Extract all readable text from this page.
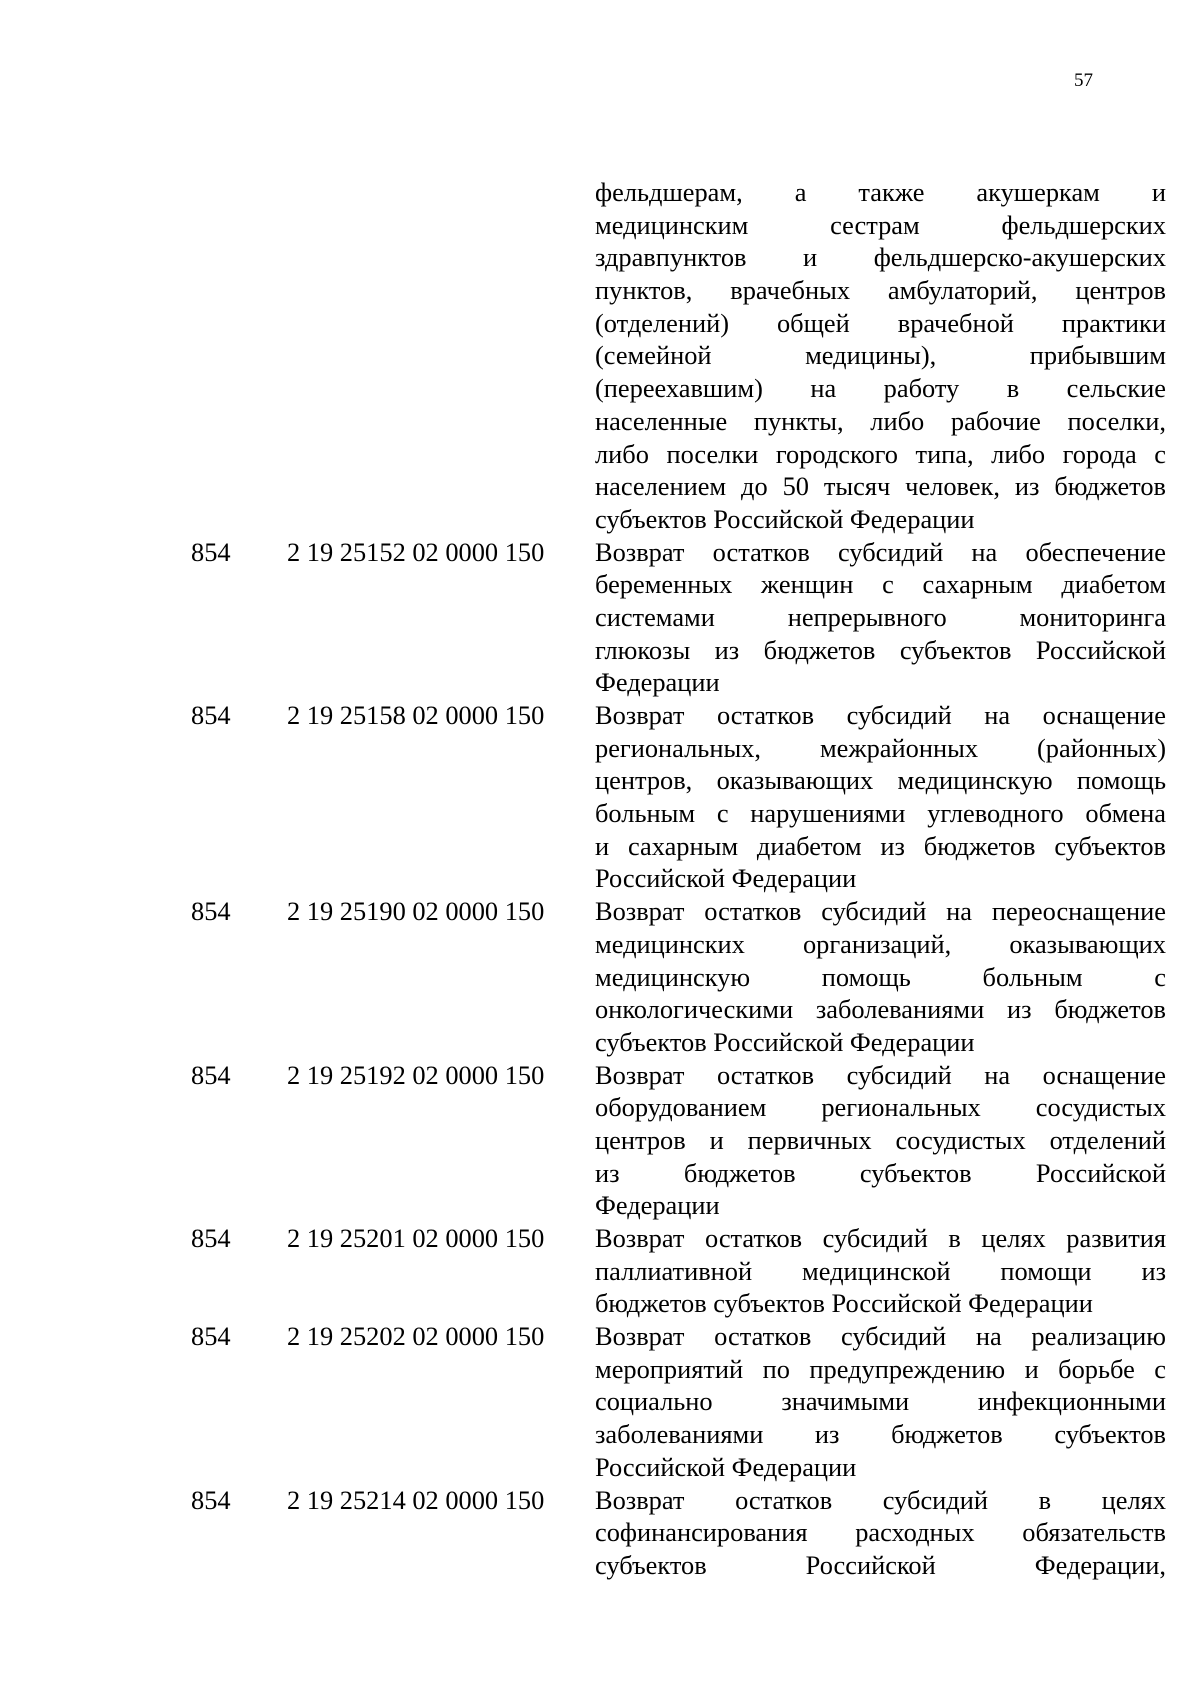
57
фельдшерам, а также акушеркам и
медицинским сестрам фельдшерских
здравпунктов и фельдшерско-акушерских
пунктов, врачебных амбулаторий, центров
(отделений) общей врачебной практики
(семейной медицины), прибывшим
(переехавшим) на работу в сельские
населенные пункты, либо рабочие поселки,
либо поселки городского типа, либо города с
населением до 50 тысяч человек, из бюджетов
субъектов Российской Федерации
854 2 19 25152 02 0000 150 Возврат остатков субсидий на обеспечение
беременных женщин с сахарным диабетом
системами непрерывного мониторинга
глюкозы из бюджетов субъектов Российской
Федерации
854 2 19 25158 02 0000 150 Возврат остатков субсидий на оснащение
региональных, межрайонных (районных)
центров, оказывающих медицинскую помощь
больным с нарушениями углеводного обмена
и сахарным диабетом из бюджетов субъектов
Российской Федерации
854 2 19 25190 02 0000 150 Возврат остатков субсидий на переоснащение
медицинских организаций, оказывающих
медицинскую помощь больным с
онкологическими заболеваниями из бюджетов
субъектов Российской Федерации
854 2 19 25192 02 0000 150 Возврат остатков субсидий на оснащение
оборудованием региональных сосудистых
центров и первичных сосудистых отделений
из бюджетов субъектов Российской
Федерации
854 2 19 25201 02 0000 150 Возврат остатков субсидий в целях развития
паллиативной медицинской помощи из
бюджетов субъектов Российской Федерации
854 2 19 25202 02 0000 150 Возврат остатков субсидий на реализацию
мероприятий по предупреждению и борьбе с
социально значимыми инфекционными
заболеваниями из бюджетов субъектов
Российской Федерации
854 2 19 25214 02 0000 150 Возврат остатков субсидий в целях
софинансирования расходных обязательств
субъектов Российской Федерации,
